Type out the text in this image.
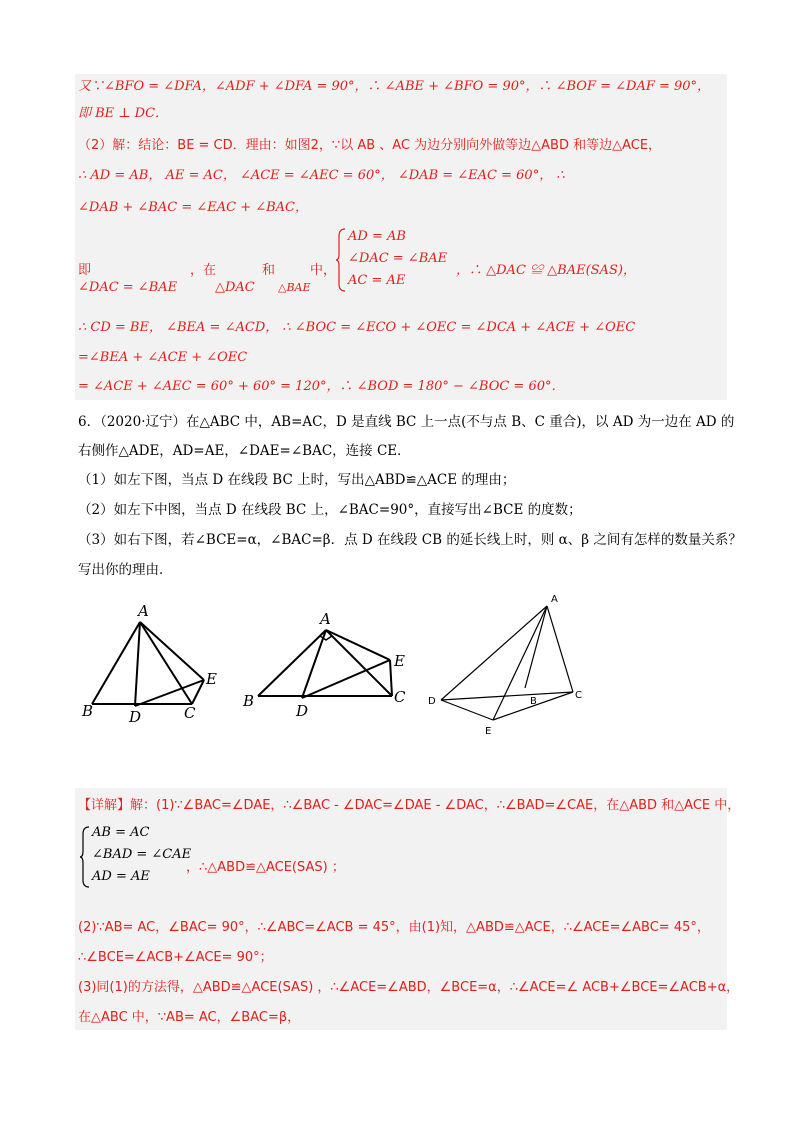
又∵∠BFO = ∠DFA，∠ADF + ∠DFA = 90°，∴ ∠ABE + ∠BFO = 90°，∴ ∠BOF = ∠DAF = 90°，
即 BE ⊥ DC．
（2）解：结论：BE = CD．理由：如图2，∵以 AB 、AC 为边分别向外做等边△ABD 和等边△ACE，
∴ AD = AB， AE = AC， ∠ACE = ∠AEC = 60°， ∠DAB = ∠EAC = 60°， ∴
∠DAB + ∠BAC = ∠EAC + ∠BAC，
即
∠DAC = ∠BAE
，在
△DAC
和
△BAE
中，
AD = AB
∠DAC = ∠BAE
AC = AE
，∴ △DAC ≌ △BAE(SAS)，
∴ CD = BE， ∠BEA = ∠ACD， ∴ ∠BOC = ∠ECO + ∠OEC = ∠DCA + ∠ACE + ∠OEC
=∠BEA + ∠ACE + ∠OEC
= ∠ACE + ∠AEC = 60° + 60° = 120°，∴ ∠BOD = 180° − ∠BOC = 60°．
6．（2020·辽宁）在△ABC 中，AB=AC，D 是直线 BC 上一点(不与点 B、C 重合)，以 AD 为一边在 AD 的
右侧作△ADE，AD=AE，∠DAE=∠BAC，连接 CE．
（1）如左下图，当点 D 在线段 BC 上时，写出△ABD≌△ACE 的理由；
（2）如左下中图，当点 D 在线段 BC 上，∠BAC=90°，直接写出∠BCE 的度数；
（3）如右下图，若∠BCE=α，∠BAC=β．点 D 在线段 CB 的延长线上时，则 α、β 之间有怎样的数量关系？
写出你的理由．
A
B D	C
E
A
B
D
C
E
A
D	B
C
E
【详解】解：(1)∵∠BAC=∠DAE，∴∠BAC - ∠DAC=∠DAE - ∠DAC，∴∠BAD=∠CAE，在△ABD 和△ACE 中，
AB = AC
∠BAD = ∠CAE
AD = AE
，∴△ABD≌△ACE(SAS) ；
(2)∵AB= AC，∠BAC= 90°，∴∠ABC=∠ACB = 45°，由(1)知，△ABD≌△ACE，∴∠ACE=∠ABC= 45°，
∴∠BCE=∠ACB+∠ACE= 90°；
(3)同(1)的方法得，△ABD≌△ACE(SAS) ，∴∠ACE=∠ABD，∠BCE=α，∴∠ACE=∠ ACB+∠BCE=∠ACB+α，
在△ABC 中，∵AB= AC，∠BAC=β，
